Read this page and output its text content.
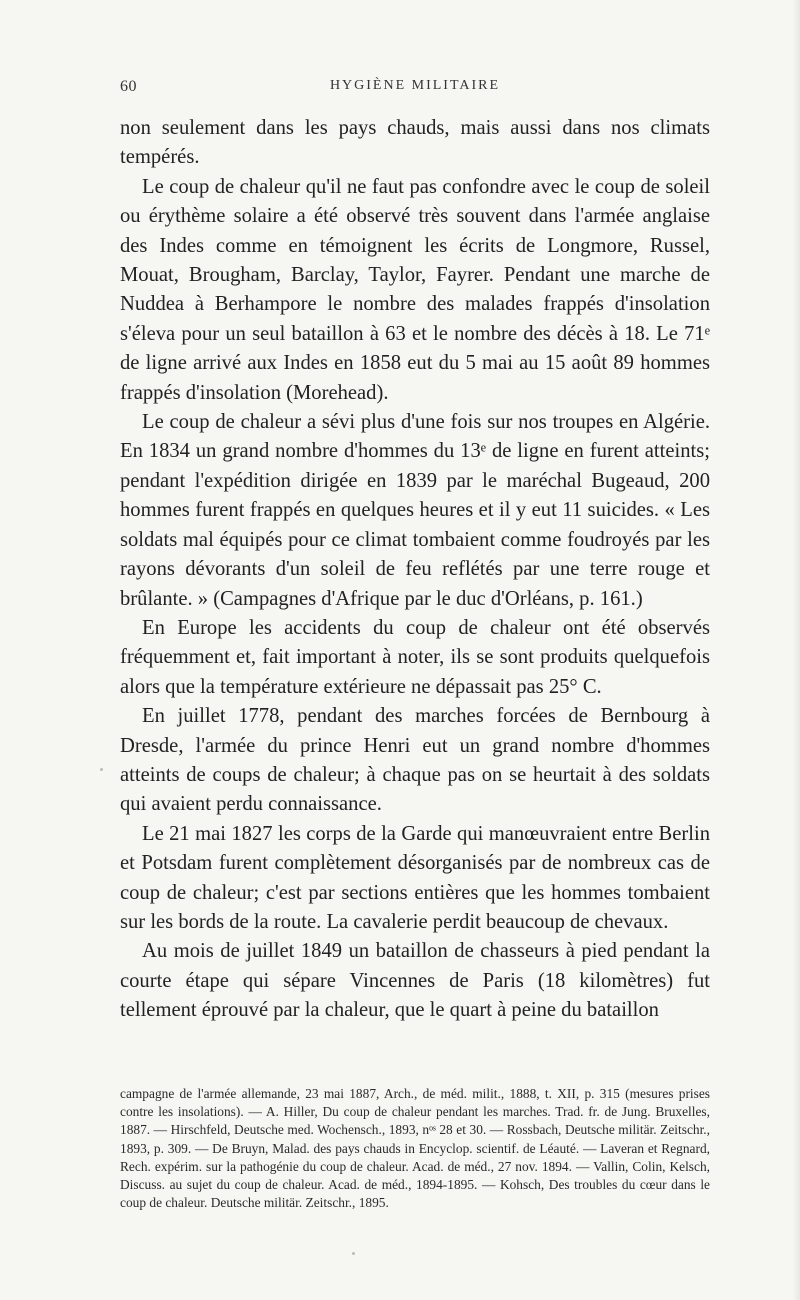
60	HYGIÈNE MILITAIRE

non seulement dans les pays chauds, mais aussi dans nos climats tempérés.

Le coup de chaleur qu'il ne faut pas confondre avec le coup de soleil ou érythème solaire a été observé très souvent dans l'armée anglaise des Indes comme en témoignent les écrits de Longmore, Russel, Mouat, Brougham, Barclay, Taylor, Fayrer. Pendant une marche de Nuddea à Berhampore le nombre des malades frappés d'insolation s'éleva pour un seul bataillon à 63 et le nombre des décès à 18. Le 71ᵉ de ligne arrivé aux Indes en 1858 eut du 5 mai au 15 août 89 hommes frappés d'insolation (Morehead).

Le coup de chaleur a sévi plus d'une fois sur nos troupes en Algérie. En 1834 un grand nombre d'hommes du 13ᵉ de ligne en furent atteints; pendant l'expédition dirigée en 1839 par le maréchal Bugeaud, 200 hommes furent frappés en quelques heures et il y eut 11 suicides. « Les soldats mal équipés pour ce climat tombaient comme foudroyés par les rayons dévorants d'un soleil de feu reflétés par une terre rouge et brûlante. » (Campagnes d'Afrique par le duc d'Orléans, p. 161.)

En Europe les accidents du coup de chaleur ont été observés fréquemment et, fait important à noter, ils se sont produits quelquefois alors que la température extérieure ne dépassait pas 25° C.

En juillet 1778, pendant des marches forcées de Bernbourg à Dresde, l'armée du prince Henri eut un grand nombre d'hommes atteints de coups de chaleur; à chaque pas on se heurtait à des soldats qui avaient perdu connaissance.

Le 21 mai 1827 les corps de la Garde qui manœuvraient entre Berlin et Potsdam furent complètement désorganisés par de nombreux cas de coup de chaleur; c'est par sections entières que les hommes tombaient sur les bords de la route. La cavalerie perdit beaucoup de chevaux.

Au mois de juillet 1849 un bataillon de chasseurs à pied pendant la courte étape qui sépare Vincennes de Paris (18 kilomètres) fut tellement éprouvé par la chaleur, que le quart à peine du bataillon

campagne de l'armée allemande, 23 mai 1887, Arch., de méd. milit., 1888, t. XII, p. 315 (mesures prises contre les insolations). — A. Hiller, Du coup de chaleur pendant les marches. Trad. fr. de Jung. Bruxelles, 1887. — Hirschfeld, Deutsche med. Wochensch., 1893, nᵒˢ 28 et 30. — Rossbach, Deutsche militär. Zeitschr., 1893, p. 309. — De Bruyn, Malad. des pays chauds in Encyclop. scientif. de Léauté. — Laveran et Regnard, Rech. expérim. sur la pathogénie du coup de chaleur. Acad. de méd., 27 nov. 1894. — Vallin, Colin, Kelsch, Discuss. au sujet du coup de chaleur. Acad. de méd., 1894-1895. — Kohsch, Des troubles du cœur dans le coup de chaleur. Deutsche militär. Zeitschr., 1895.
